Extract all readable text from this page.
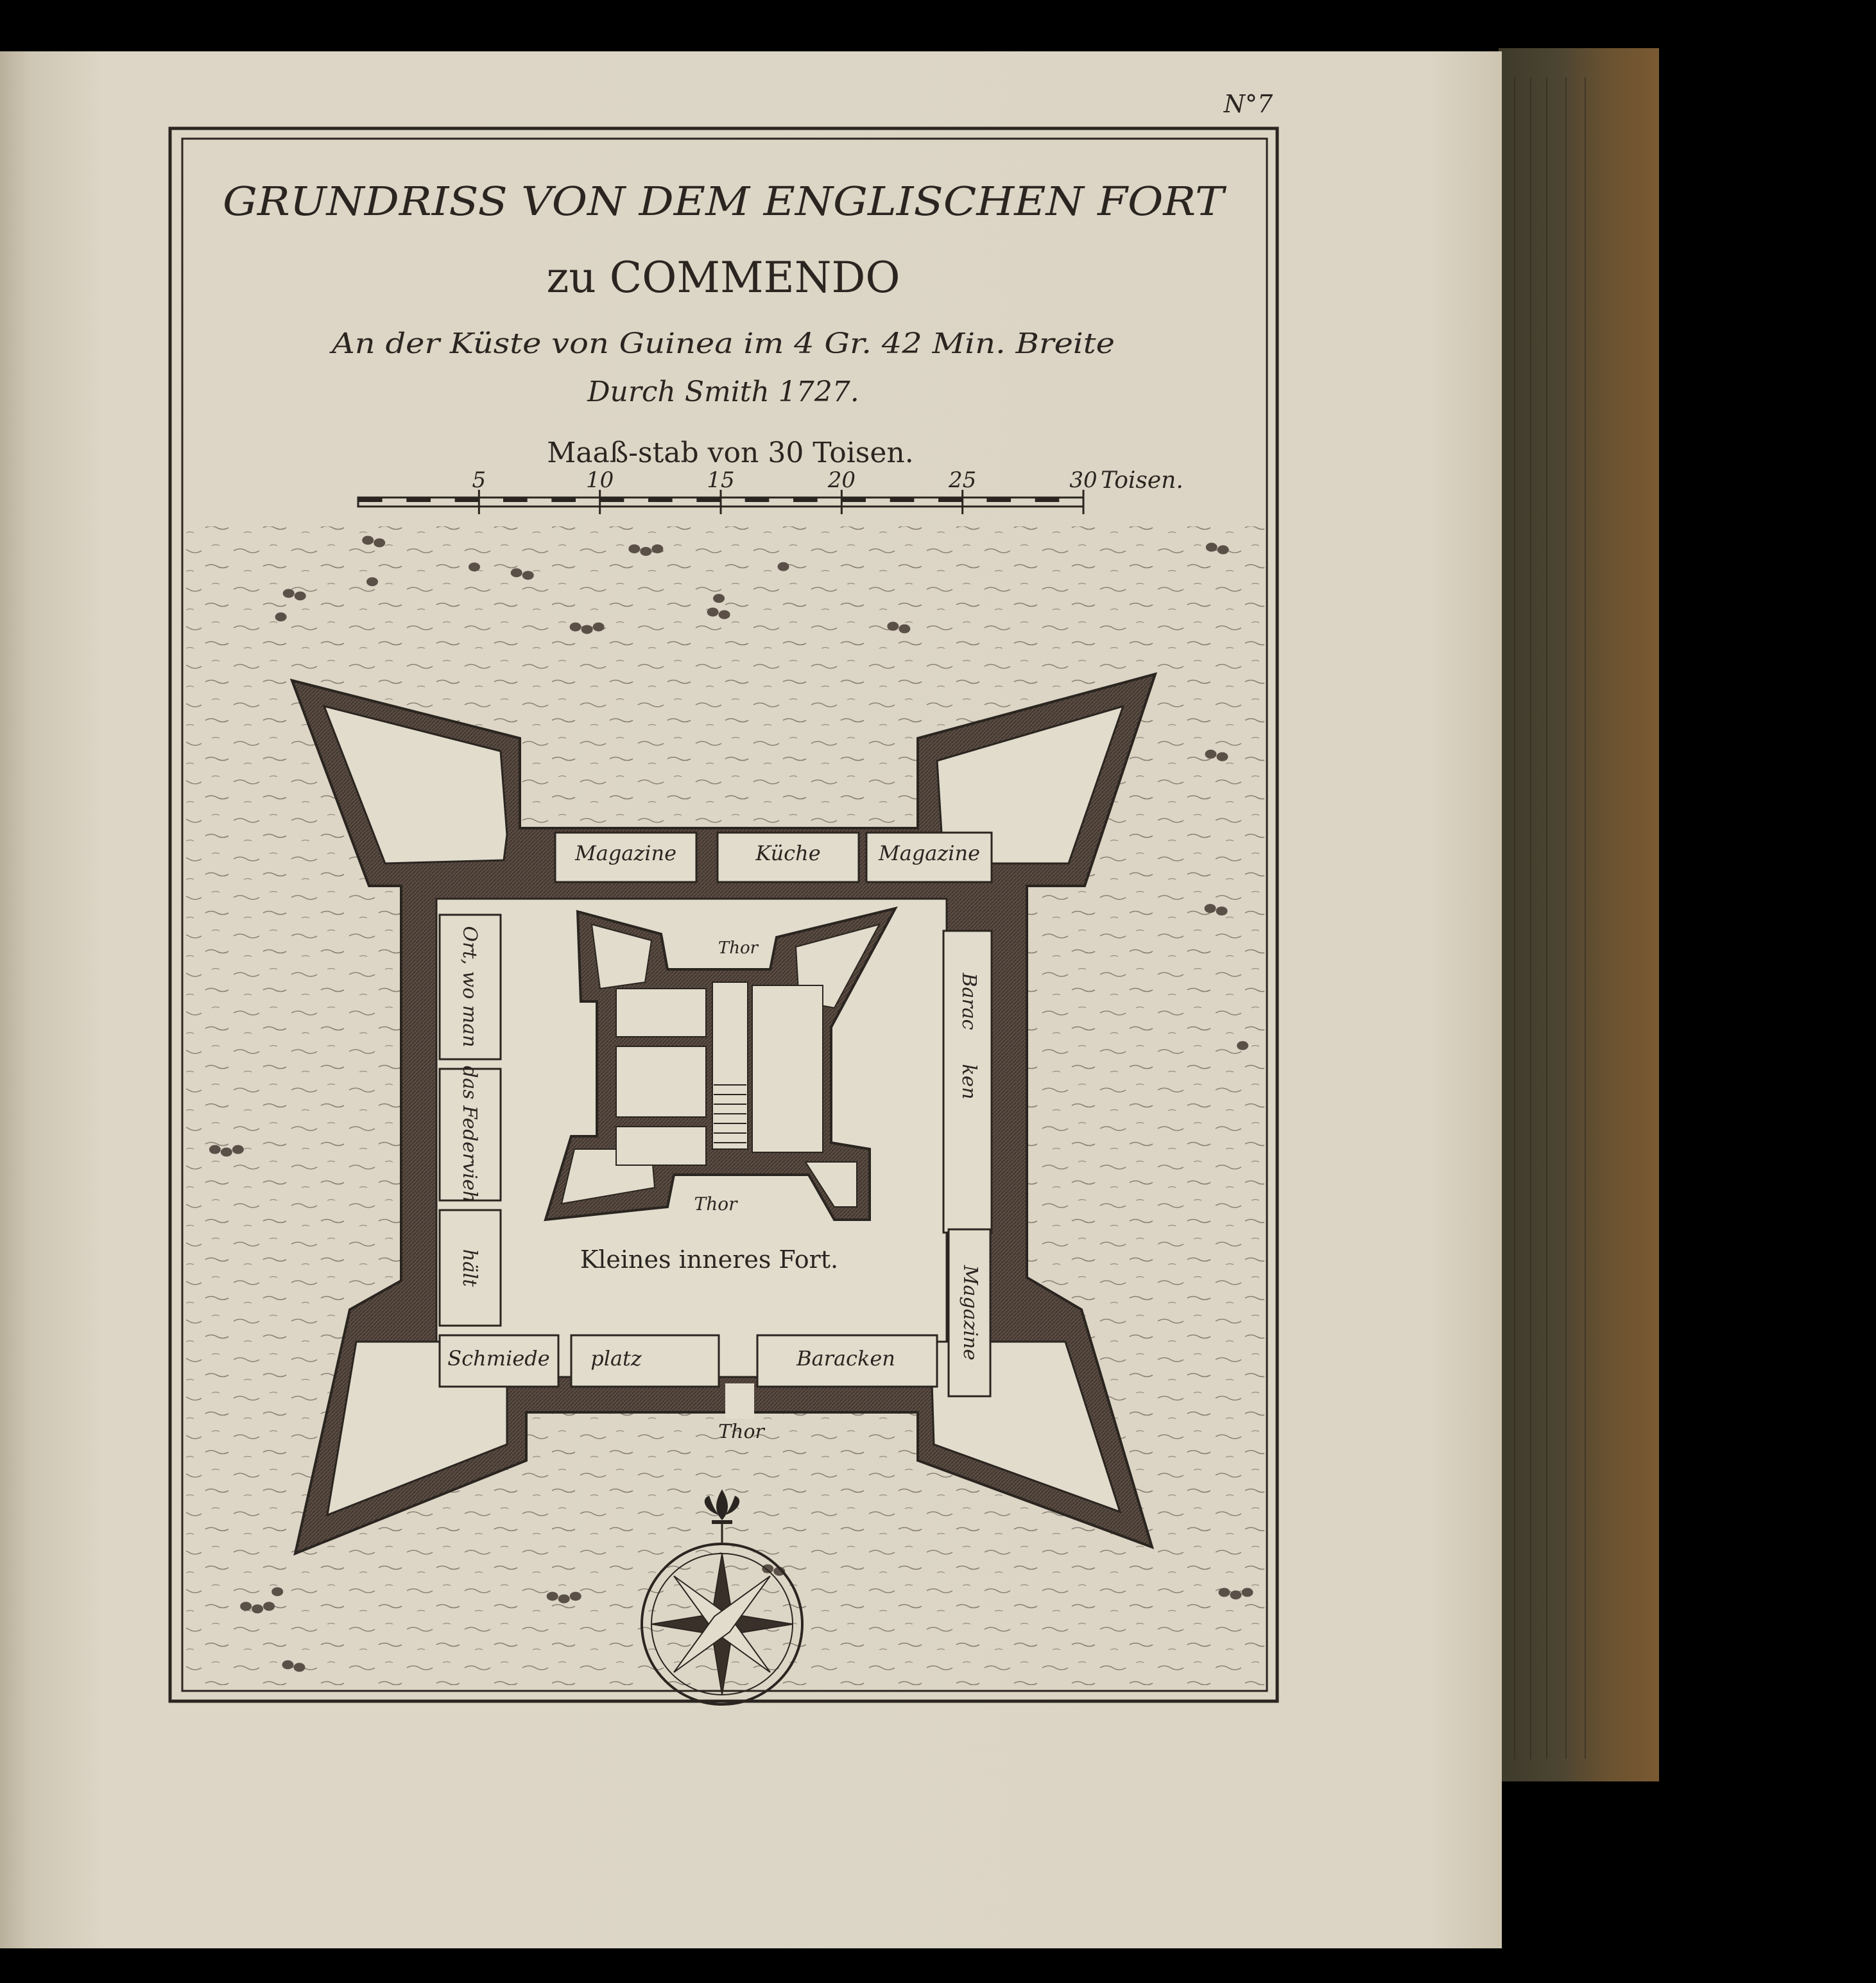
N°7
GRUNDRISS VON DEM ENGLISCHEN FORT
zu COMMENDO
An der Küste von Guinea im 4 Gr. 42 Min. Breite
Durch Smith 1727.
Maaß-stab von 30 Toisen.
5	10	15	20	25	30 Toisen.
Magazine	Küche	Magazine
Ort, wo man
das Federvieh
hält
Barac
ken
Magazine
Schmiede platz	Baracken
Thor
Thor
Thor
Kleines inneres Fort.
